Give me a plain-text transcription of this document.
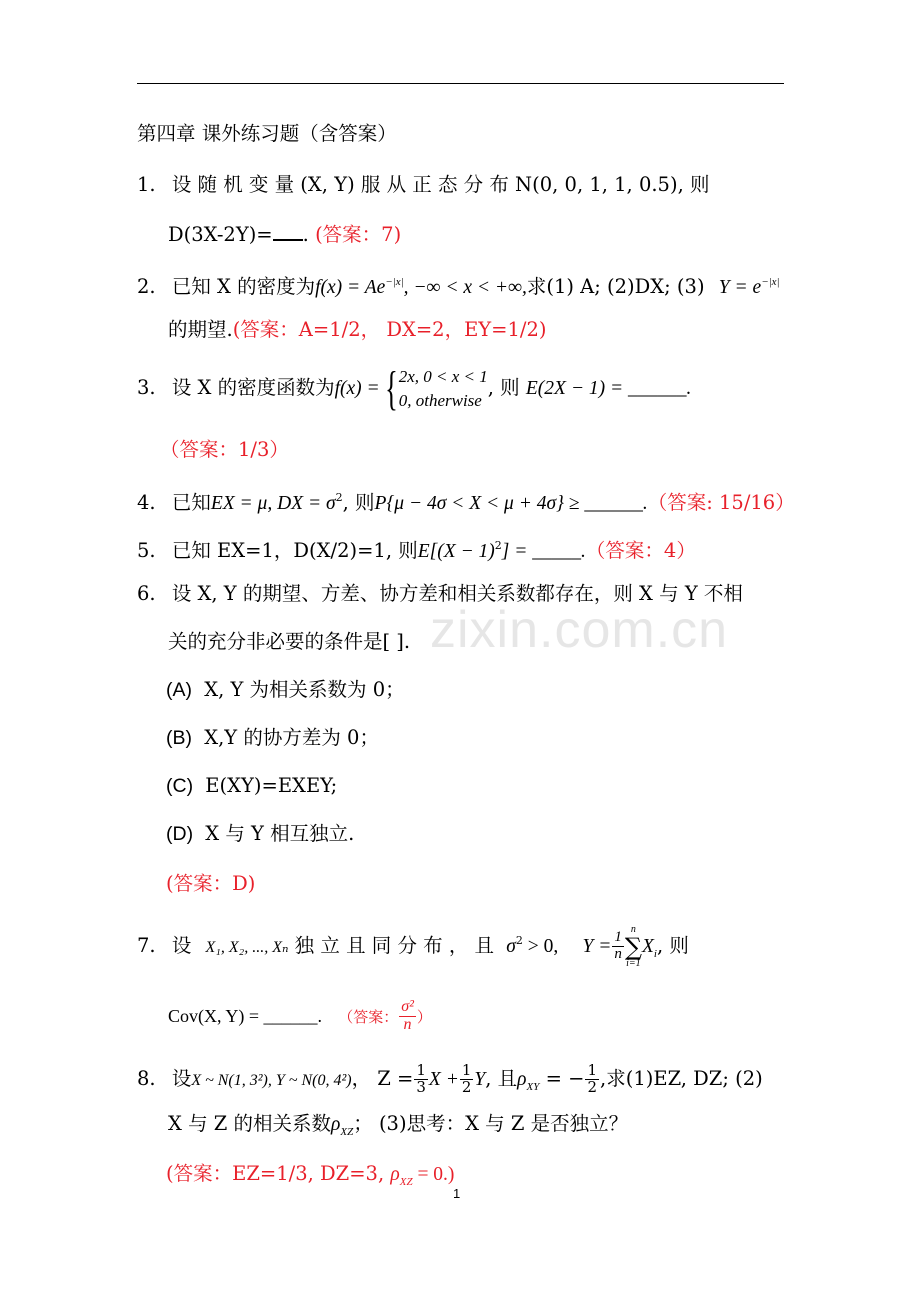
zixin.com.cn
第四章 课外练习题（含答案）
1. 设 随 机 变 量 (X, Y) 服 从 正 态 分 布 N(0, 0, 1, 1, 0.5), 则
D(3X-2Y)= . (答案：7)
2. 已知 X 的密度为$f(x) = Ae^{-|x|}$, −∞ < x < +∞,求(1) A; (2)DX; (3) $Y = e^{-|x|}$
的期望.(答案：A=1/2， DX=2，EY=1/2)
3. 设 X 的密度函数为f(x) = { 2x, 0 < x < 1
0, otherwise
, 则 E(2X − 1) = ______.
（答案：1/3）
4. 已知EX = μ, DX = $\sigma^2$, 则P{μ − 4σ < X < μ + 4σ} ≥ ______.（答案: 15/16）
5. 已知 EX=1，D(X/2)=1, 则$E[(X - 1)^2]$ = _____.（答案：4）
6. 设 X, Y 的期望、方差、协方差和相关系数都存在，则 X 与 Y 不相
关的充分非必要的条件是[ ].
(A) X, Y 为相关系数为 0；
(B) X,Y 的协方差为 0；
(C) E(XY)=EXEY;
(D) X 与 Y 相互独立.
(答案：D)
7. 设 X₁, X₂, ..., Xₙ 独 立 且 同 分 布 ， 且 $\sigma^2 > 0$, $Y = \frac{1}{n}$
n
∑
i=1
$X_i$, 则
Cov(X, Y) = ______. （答案： $\frac{\text{σ²}}{n}$ ）
8. 设X ~ N(1, 3²), Y ~ N(0, 4²)， $Z = \frac{1}{3}$ $X + \frac{1}{2} Y$, 且$\rho_{XY}$ = − $\frac{1}{2}$ ,求(1)EZ, DZ; (2)
X 与 Z 的相关系数$\rho_{XZ}$； (3)思考：X 与 Z 是否独立？
(答案：EZ=1/3, DZ=3, $\rho_{XZ} = 0$.)
1
